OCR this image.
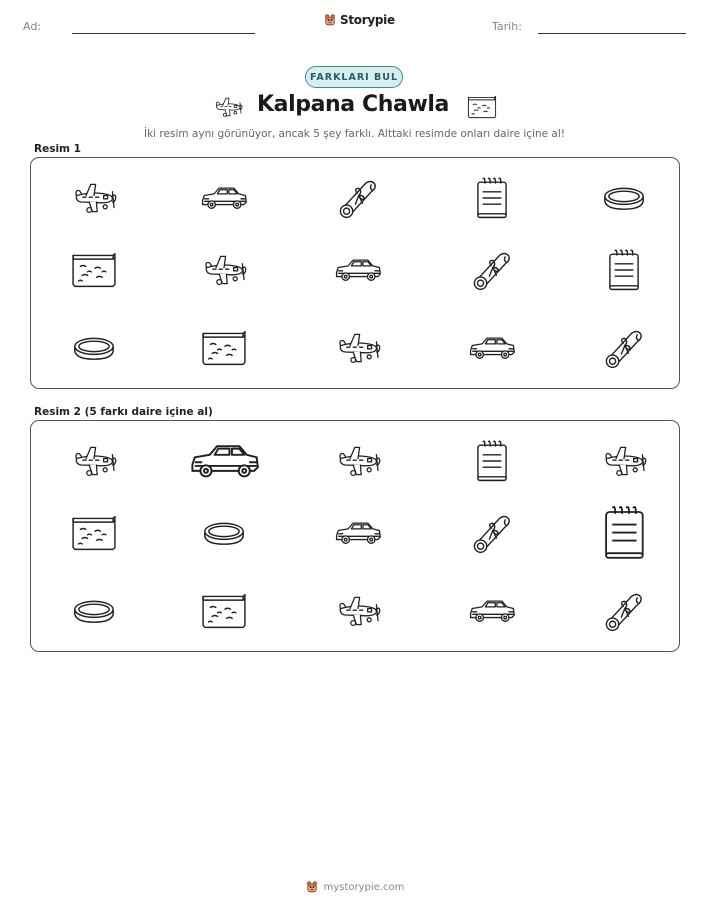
Ad:	Storypie	Tarih:
FARKLARI BUL
Kalpana Chawla
İki resim aynı görünüyor, ancak 5 şey farklı. Alttaki resimde onları daire içine al!
Resim 1
Resim 2 (5 farkı daire içine al)
mystorypie.com
